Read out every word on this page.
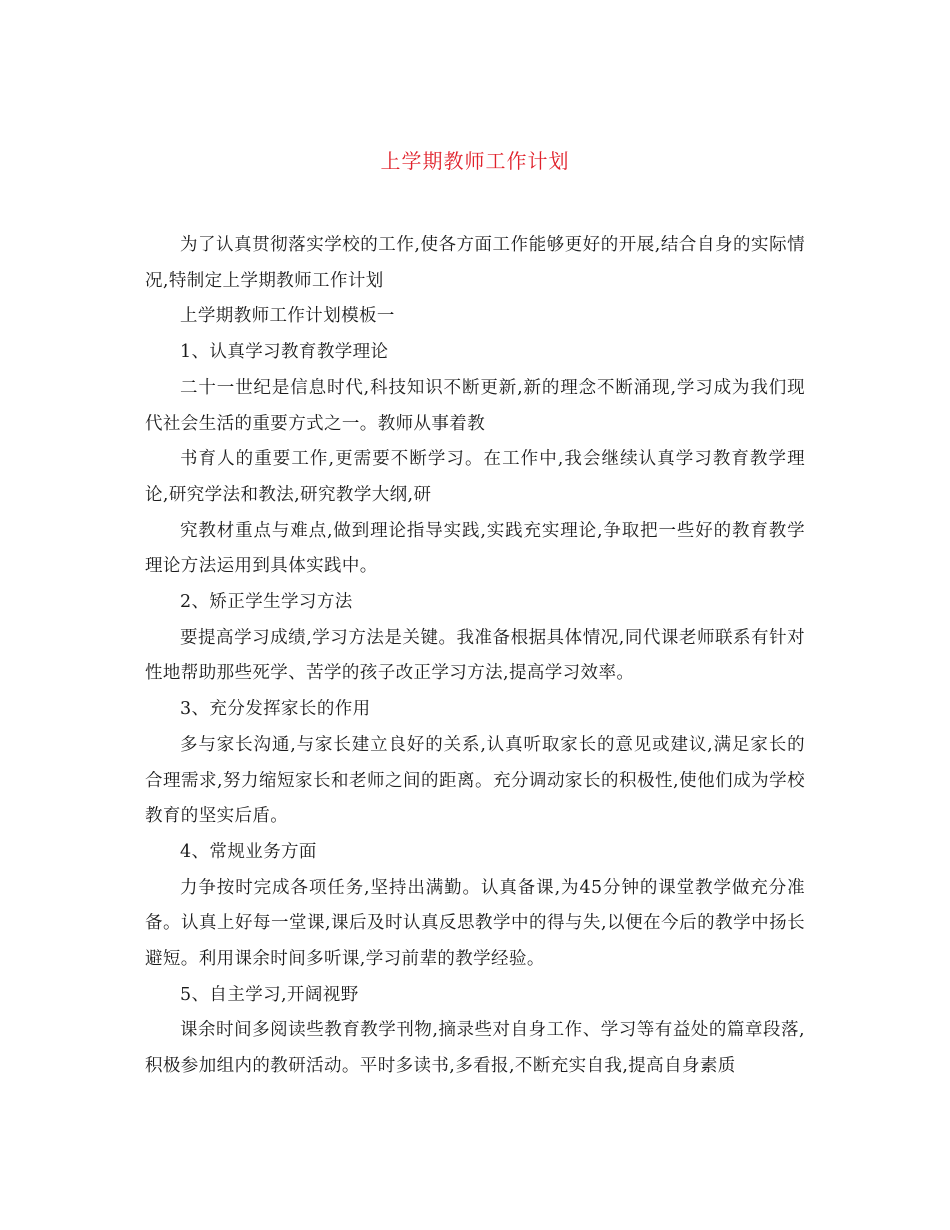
上学期教师工作计划

为了认真贯彻落实学校的工作,使各方面工作能够更好的开展,结合自身的实际情况,特制定上学期教师工作计划

上学期教师工作计划模板一

1、认真学习教育教学理论

二十一世纪是信息时代,科技知识不断更新,新的理念不断涌现,学习成为我们现代社会生活的重要方式之一。教师从事着教

书育人的重要工作,更需要不断学习。在工作中,我会继续认真学习教育教学理论,研究学法和教法,研究教学大纲,研

究教材重点与难点,做到理论指导实践,实践充实理论,争取把一些好的教育教学理论方法运用到具体实践中。

2、矫正学生学习方法

要提高学习成绩,学习方法是关键。我准备根据具体情况,同代课老师联系有针对性地帮助那些死学、苦学的孩子改正学习方法,提高学习效率。

3、充分发挥家长的作用

多与家长沟通,与家长建立良好的关系,认真听取家长的意见或建议,满足家长的合理需求,努力缩短家长和老师之间的距离。充分调动家长的积极性,使他们成为学校教育的坚实后盾。

4、常规业务方面

力争按时完成各项任务,坚持出满勤。认真备课,为45分钟的课堂教学做充分准备。认真上好每一堂课,课后及时认真反思教学中的得与失,以便在今后的教学中扬长避短。利用课余时间多听课,学习前辈的教学经验。

5、自主学习,开阔视野

课余时间多阅读些教育教学刊物,摘录些对自身工作、学习等有益处的篇章段落,积极参加组内的教研活动。平时多读书,多看报,不断充实自我,提高自身素质
